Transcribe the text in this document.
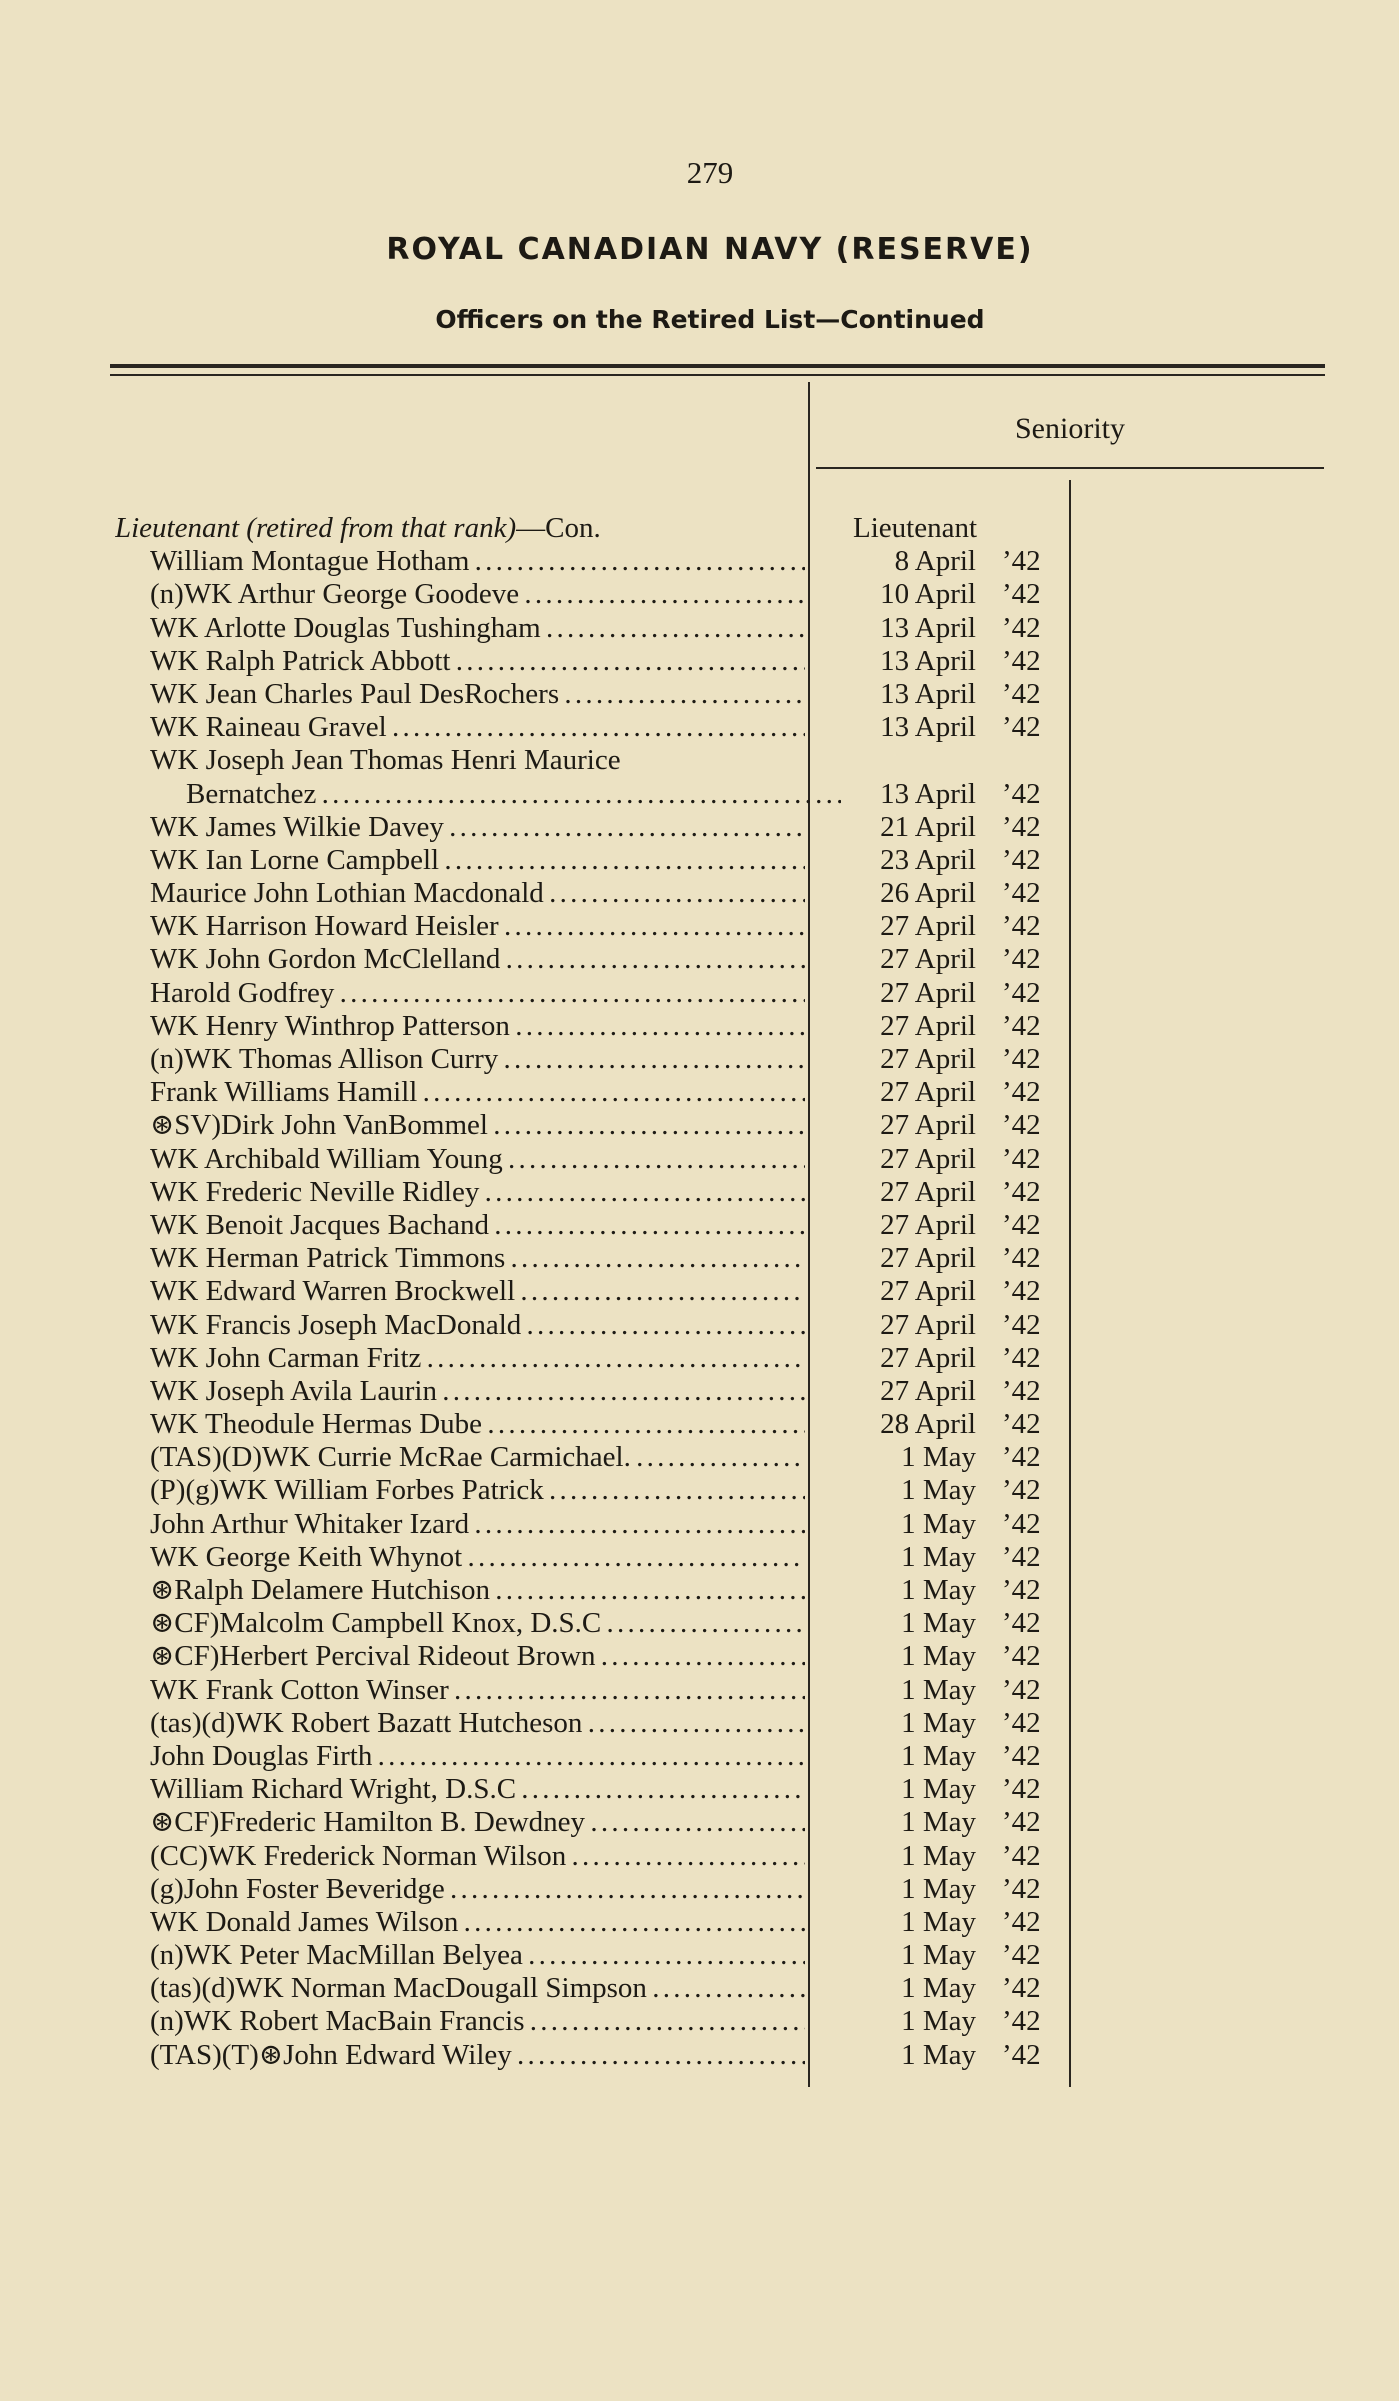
279
ROYAL CANADIAN NAVY (RESERVE)
Officers on the Retired List—Continued
Seniority
Lieutenant (retired from that rank)—Con.	Lieutenant
William Montague Hotham . . .	8 April ’42
(n)WK Arthur George Goodeve . . .	10 April ’42
WK Arlotte Douglas Tushingham . . .	13 April ’42
WK Ralph Patrick Abbott . . .	13 April ’42
WK Jean Charles Paul DesRochers . . .	13 April ’42
WK Raineau Gravel . . .	13 April ’42
WK Joseph Jean Thomas Henri Maurice
Bernatchez . . .	13 April ’42
WK James Wilkie Davey . . .	21 April ’42
WK Ian Lorne Campbell . . .	23 April ’42
Maurice John Lothian Macdonald . . .	26 April ’42
WK Harrison Howard Heisler . . .	27 April ’42
WK John Gordon McClelland . . .	27 April ’42
Harold Godfrey . . .	27 April ’42
WK Henry Winthrop Patterson . . .	27 April ’42
(n)WK Thomas Allison Curry . . .	27 April ’42
Frank Williams Hamill . . .	27 April ’42
⊛SV)Dirk John VanBommel . . .	27 April ’42
WK Archibald William Young . . .	27 April ’42
WK Frederic Neville Ridley . . .	27 April ’42
WK Benoit Jacques Bachand . . .	27 April ’42
WK Herman Patrick Timmons . . .	27 April ’42
WK Edward Warren Brockwell . . .	27 April ’42
WK Francis Joseph MacDonald . . .	27 April ’42
WK John Carman Fritz . . .	27 April ’42
WK Joseph Avila Laurin . . .	27 April ’42
WK Theodule Hermas Dube . . .	28 April ’42
(TAS)(D)WK Currie McRae Carmichael. . . .	1 May ’42
(P)(g)WK William Forbes Patrick . . .	1 May ’42
John Arthur Whitaker Izard . . .	1 May ’42
WK George Keith Whynot . . .	1 May ’42
⊛Ralph Delamere Hutchison . . .	1 May ’42
⊛CF)Malcolm Campbell Knox, D.S.C . . .	1 May ’42
⊛CF)Herbert Percival Rideout Brown . . .	1 May ’42
WK Frank Cotton Winser . . .	1 May ’42
(tas)(d)WK Robert Bazatt Hutcheson . . .	1 May ’42
John Douglas Firth . . .	1 May ’42
William Richard Wright, D.S.C . . .	1 May ’42
⊛CF)Frederic Hamilton B. Dewdney . . .	1 May ’42
(CC)WK Frederick Norman Wilson . . .	1 May ’42
(g)John Foster Beveridge . . .	1 May ’42
WK Donald James Wilson . . .	1 May ’42
(n)WK Peter MacMillan Belyea . . .	1 May ’42
(tas)(d)WK Norman MacDougall Simpson . . .	1 May ’42
(n)WK Robert MacBain Francis . . .	1 May ’42
(TAS)(T)⊛John Edward Wiley . . .	1 May ’42
